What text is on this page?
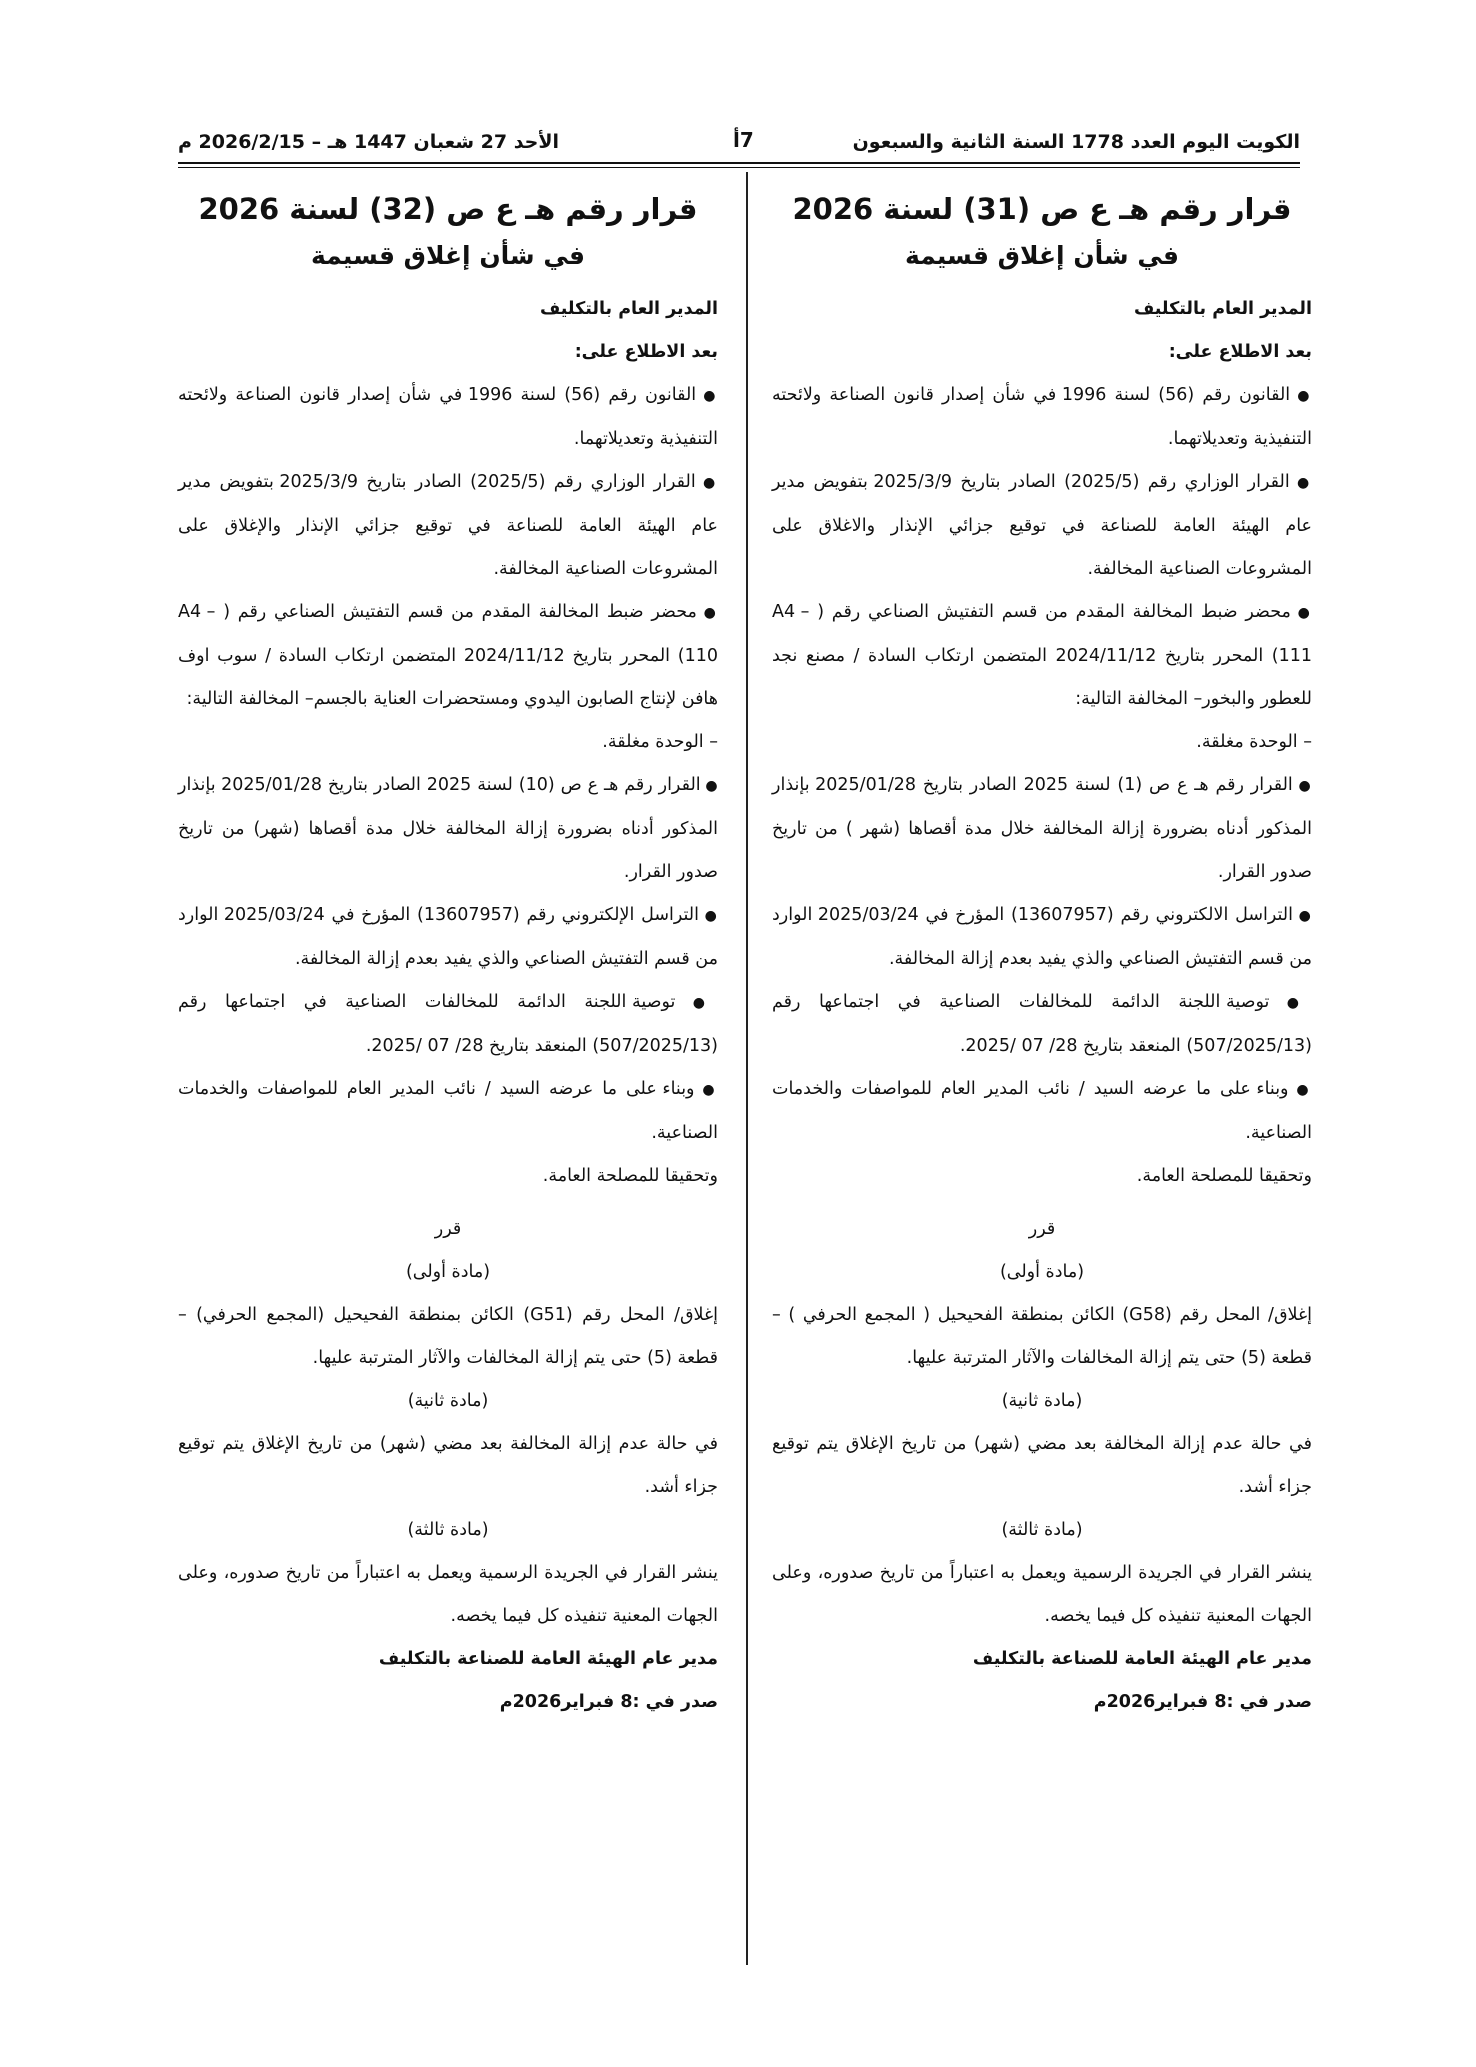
الكويت اليوم العدد 1778 السنة الثانية والسبعون
7أ
الأحد 27 شعبان 1447 هـ – 2026/2/15 م
قرار رقم هـ ع ص (31) لسنة 2026
في شأن إغلاق قسيمة

المدير العام بالتكليف

بعد الاطلاع على:

● القانون رقم (56) لسنة 1996 في شأن إصدار قانون الصناعة ولائحته التنفيذية وتعديلاتهما.

● القرار الوزاري رقم (2025/5) الصادر بتاريخ 2025/3/9 بتفويض مدير عام الهيئة العامة للصناعة في توقيع جزائي الإنذار والاغلاق على المشروعات الصناعية المخالفة.

● محضر ضبط المخالفة المقدم من قسم التفتيش الصناعي رقم ( A4 –111) المحرر بتاريخ 2024/11/12 المتضمن ارتكاب السادة / مصنع نجد للعطور والبخور– المخالفة التالية:

– الوحدة مغلقة.

● القرار رقم هـ ع ص (1) لسنة 2025 الصادر بتاريخ 2025/01/28 بإنذار المذكور أدناه بضرورة إزالة المخالفة خلال مدة أقصاها (شهر ) من تاريخ صدور القرار.

● التراسل الالكتروني رقم (13607957) المؤرخ في 2025/03/24 الوارد من قسم التفتيش الصناعي والذي يفيد بعدم إزالة المخالفة.

● توصية اللجنة الدائمة للمخالفات الصناعية في اجتماعها رقم (507/2025/13) المنعقد بتاريخ 28/ 07 /2025.

● وبناء على ما عرضه السيد / نائب المدير العام للمواصفات والخدمات الصناعية.

وتحقيقا للمصلحة العامة.

قرر

(مادة أولى)

إغلاق/ المحل رقم (G58) الكائن بمنطقة الفحيحيل ( المجمع الحرفي ) – قطعة (5) حتى يتم إزالة المخالفات والآثار المترتبة عليها.

(مادة ثانية)

في حالة عدم إزالة المخالفة بعد مضي (شهر) من تاريخ الإغلاق يتم توقيع جزاء أشد.

(مادة ثالثة)

ينشر القرار في الجريدة الرسمية ويعمل به اعتباراً من تاريخ صدوره، وعلى الجهات المعنية تنفيذه كل فيما يخصه.

مدير عام الهيئة العامة للصناعة بالتكليف

صدر في :8 فبراير2026م

قرار رقم هـ ع ص (32) لسنة 2026
في شأن إغلاق قسيمة

المدير العام بالتكليف

بعد الاطلاع على:

● القانون رقم (56) لسنة 1996 في شأن إصدار قانون الصناعة ولائحته التنفيذية وتعديلاتهما.

● القرار الوزاري رقم (2025/5) الصادر بتاريخ 2025/3/9 بتفويض مدير عام الهيئة العامة للصناعة في توقيع جزائي الإنذار والإغلاق على المشروعات الصناعية المخالفة.

● محضر ضبط المخالفة المقدم من قسم التفتيش الصناعي رقم ( A4 –110) المحرر بتاريخ 2024/11/12 المتضمن ارتكاب السادة / سوب اوف هافن لإنتاج الصابون اليدوي ومستحضرات العناية بالجسم– المخالفة التالية:

– الوحدة مغلقة.

● القرار رقم هـ ع ص (10) لسنة 2025 الصادر بتاريخ 2025/01/28 بإنذار المذكور أدناه بضرورة إزالة المخالفة خلال مدة أقصاها (شهر) من تاريخ صدور القرار.

● التراسل الإلكتروني رقم (13607957) المؤرخ في 2025/03/24 الوارد من قسم التفتيش الصناعي والذي يفيد بعدم إزالة المخالفة.

● توصية اللجنة الدائمة للمخالفات الصناعية في اجتماعها رقم (507/2025/13) المنعقد بتاريخ 28/ 07 /2025.

● وبناء على ما عرضه السيد / نائب المدير العام للمواصفات والخدمات الصناعية.

وتحقيقا للمصلحة العامة.

قرر

(مادة أولى)

إغلاق/ المحل رقم (G51) الكائن بمنطقة الفحيحيل (المجمع الحرفي) – قطعة (5) حتى يتم إزالة المخالفات والآثار المترتبة عليها.

(مادة ثانية)

في حالة عدم إزالة المخالفة بعد مضي (شهر) من تاريخ الإغلاق يتم توقيع جزاء أشد.

(مادة ثالثة)

ينشر القرار في الجريدة الرسمية ويعمل به اعتباراً من تاريخ صدوره، وعلى الجهات المعنية تنفيذه كل فيما يخصه.

مدير عام الهيئة العامة للصناعة بالتكليف

صدر في :8 فبراير2026م
